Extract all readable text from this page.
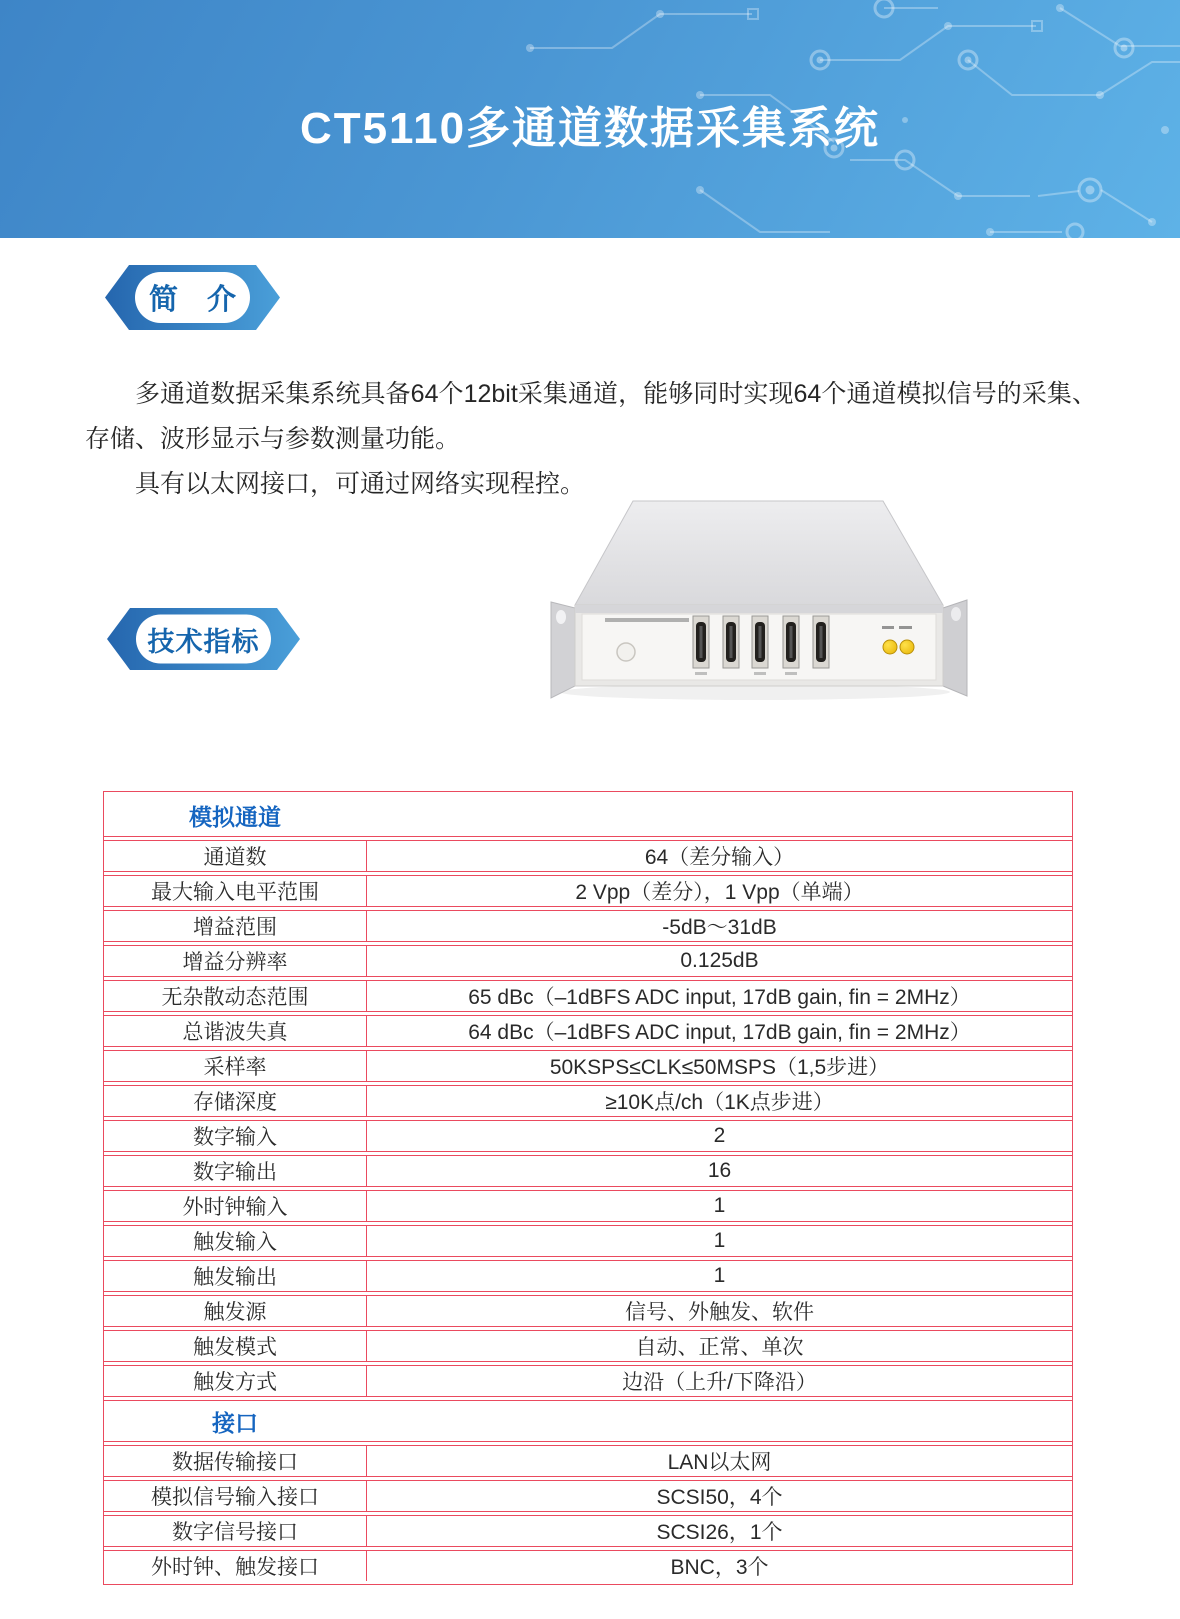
CT5110多通道数据采集系统
简　介

多通道数据采集系统具备64个12bit采集通道，能够同时实现64个通道模拟信号的采集、存储、波形显示与参数测量功能。

具有以太网接口，可通过网络实现程控。

技术指标
模拟通道	

通道数	64（差分输入）
最大输入电平范围	2 Vpp（差分），1 Vpp（单端）
增益范围	-5dB～31dB
增益分辨率	0.125dB
无杂散动态范围	65 dBc（–1dBFS ADC input, 17dB gain, fin = 2MHz）
总谐波失真	64 dBc（–1dBFS ADC input, 17dB gain, fin = 2MHz）
采样率	50KSPS≤CLK≤50MSPS（1,5步进）
存储深度	≥10K点/ch（1K点步进）
数字输入	2
数字输出	16
外时钟输入	1
触发输入	1
触发输出	1
触发源	信号、外触发、软件
触发模式	自动、正常、单次
触发方式	边沿（上升/下降沿）

接口	

数据传输接口	LAN以太网
模拟信号输入接口	SCSI50，4个
数字信号接口	SCSI26，1个
外时钟、触发接口	BNC，3个
